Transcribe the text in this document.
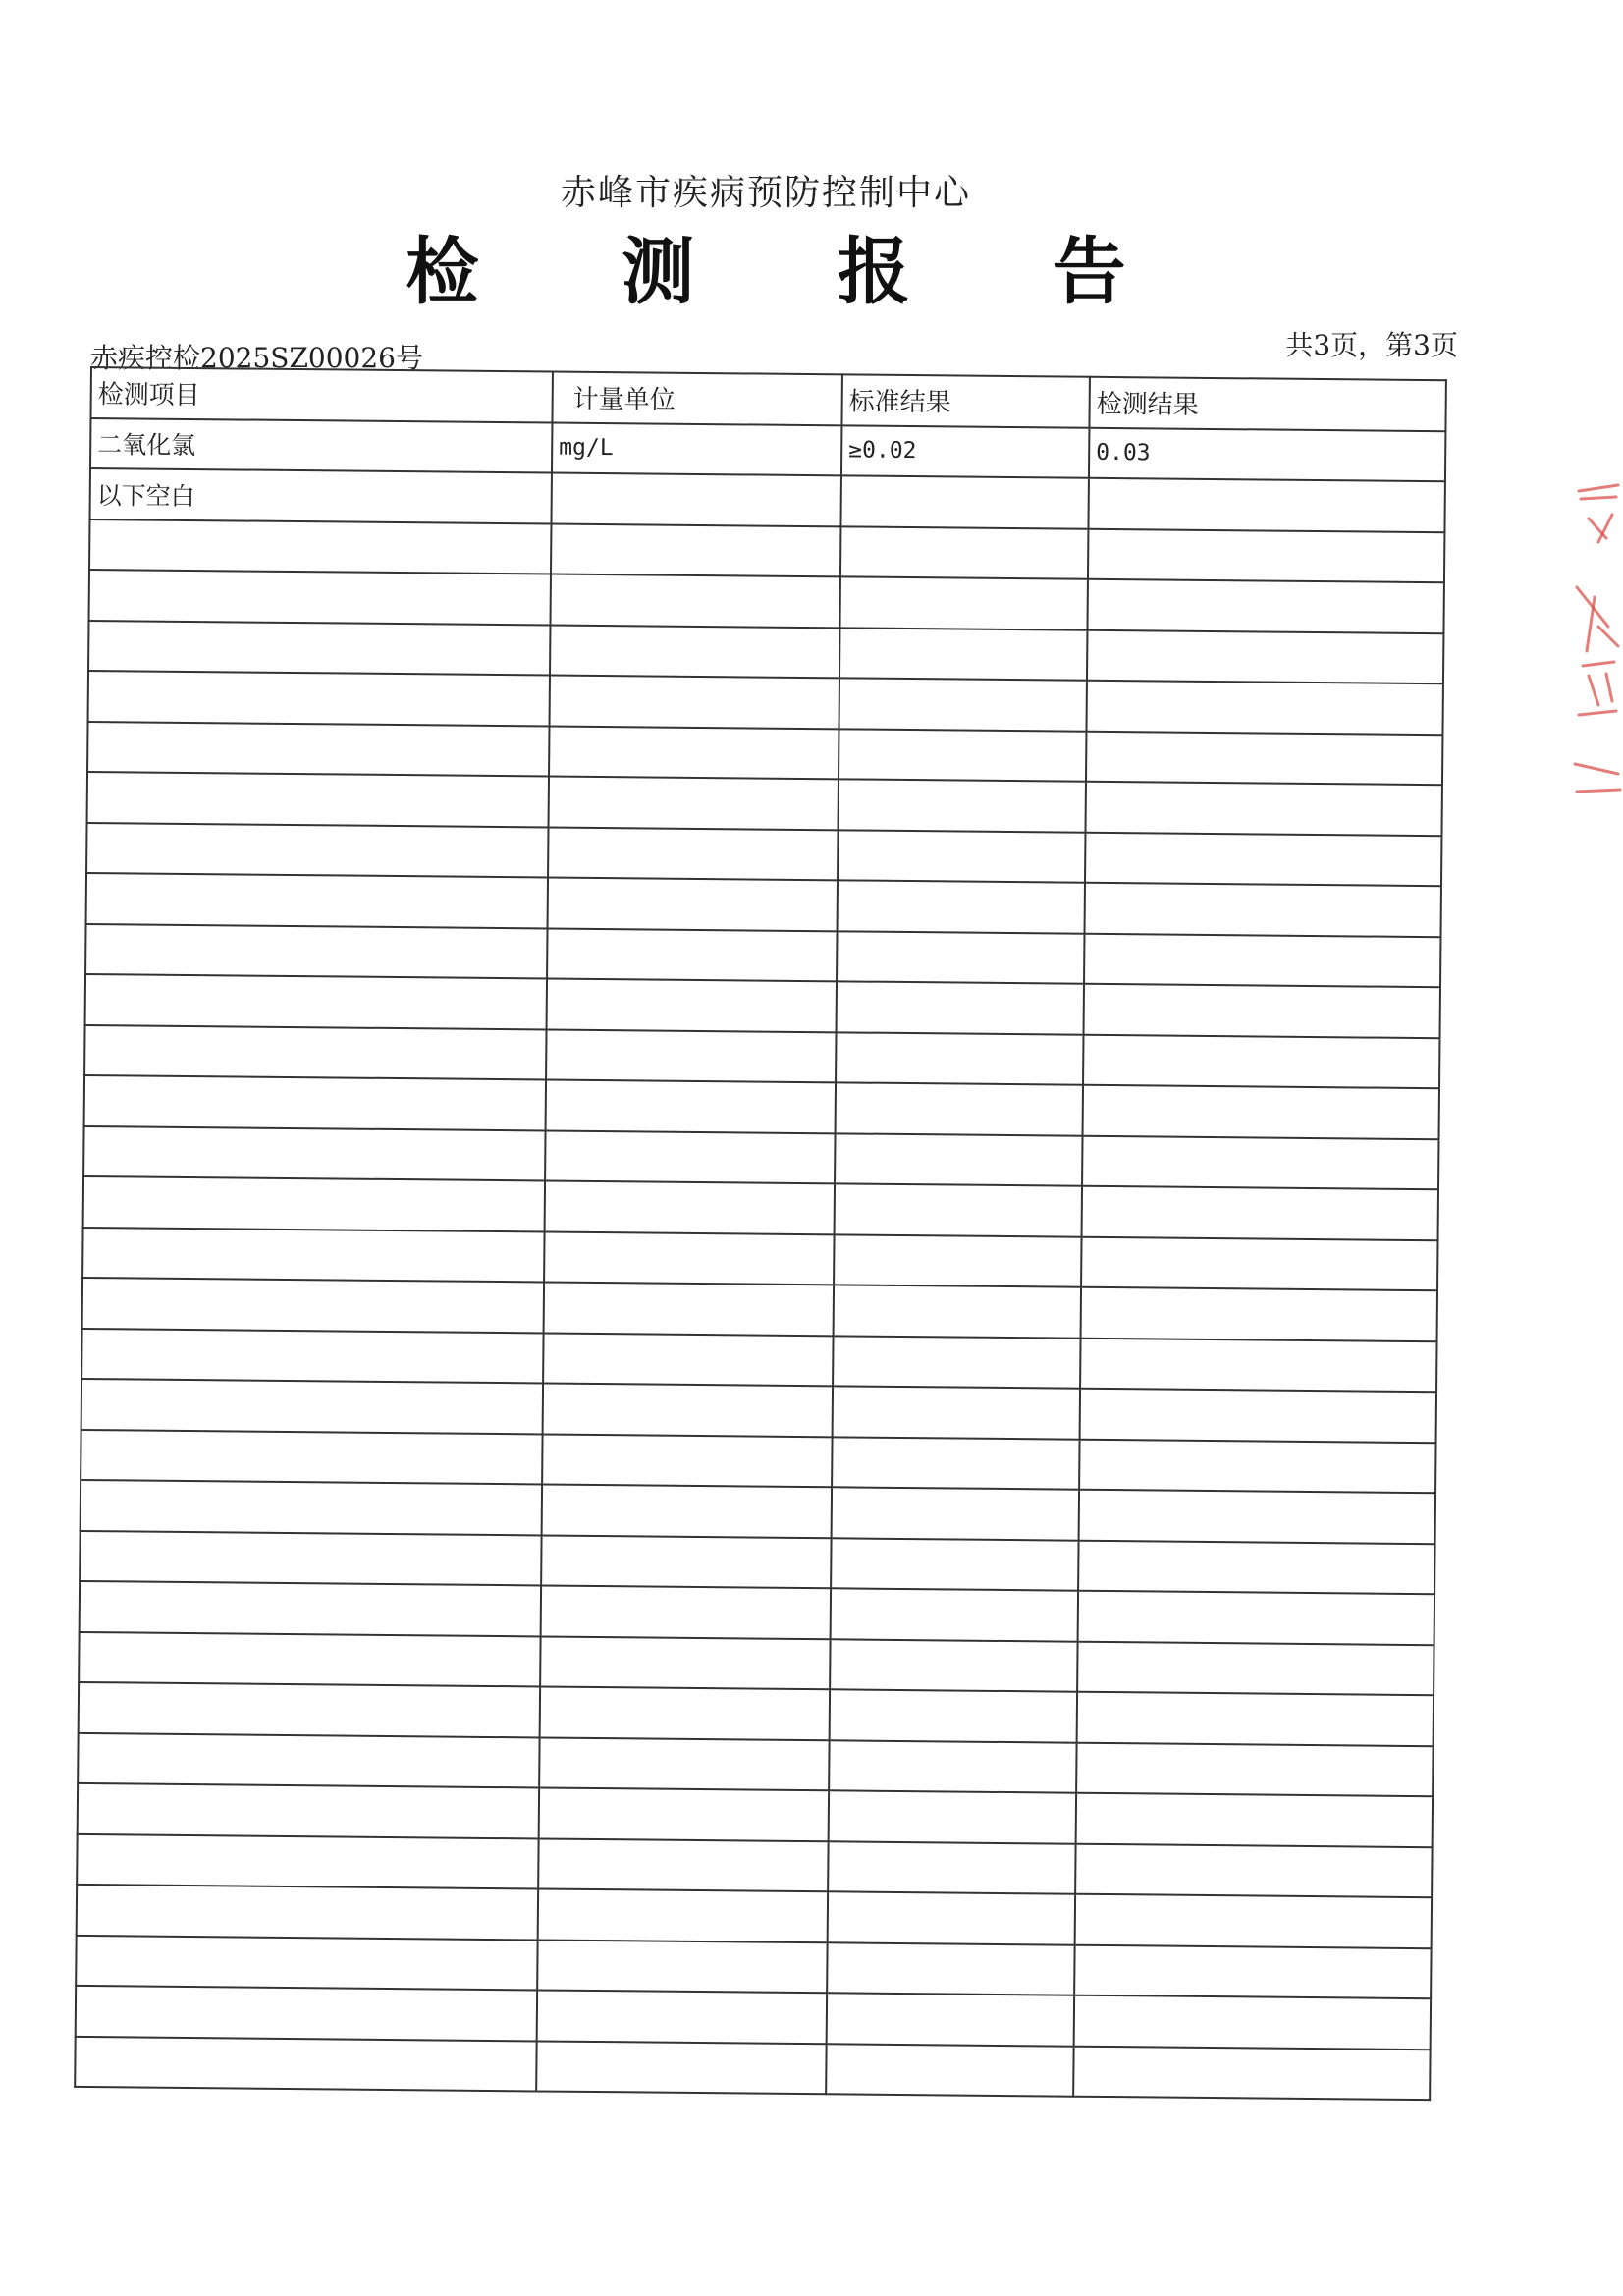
赤峰市疾病预防控制中心
检 测 报 告
赤疾控检2025SZ00026号	共3页，第3页
检测项目	计量单位	标准结果	检测结果
二氧化氯	mg/L	≥0.02	0.03
以下空白			
